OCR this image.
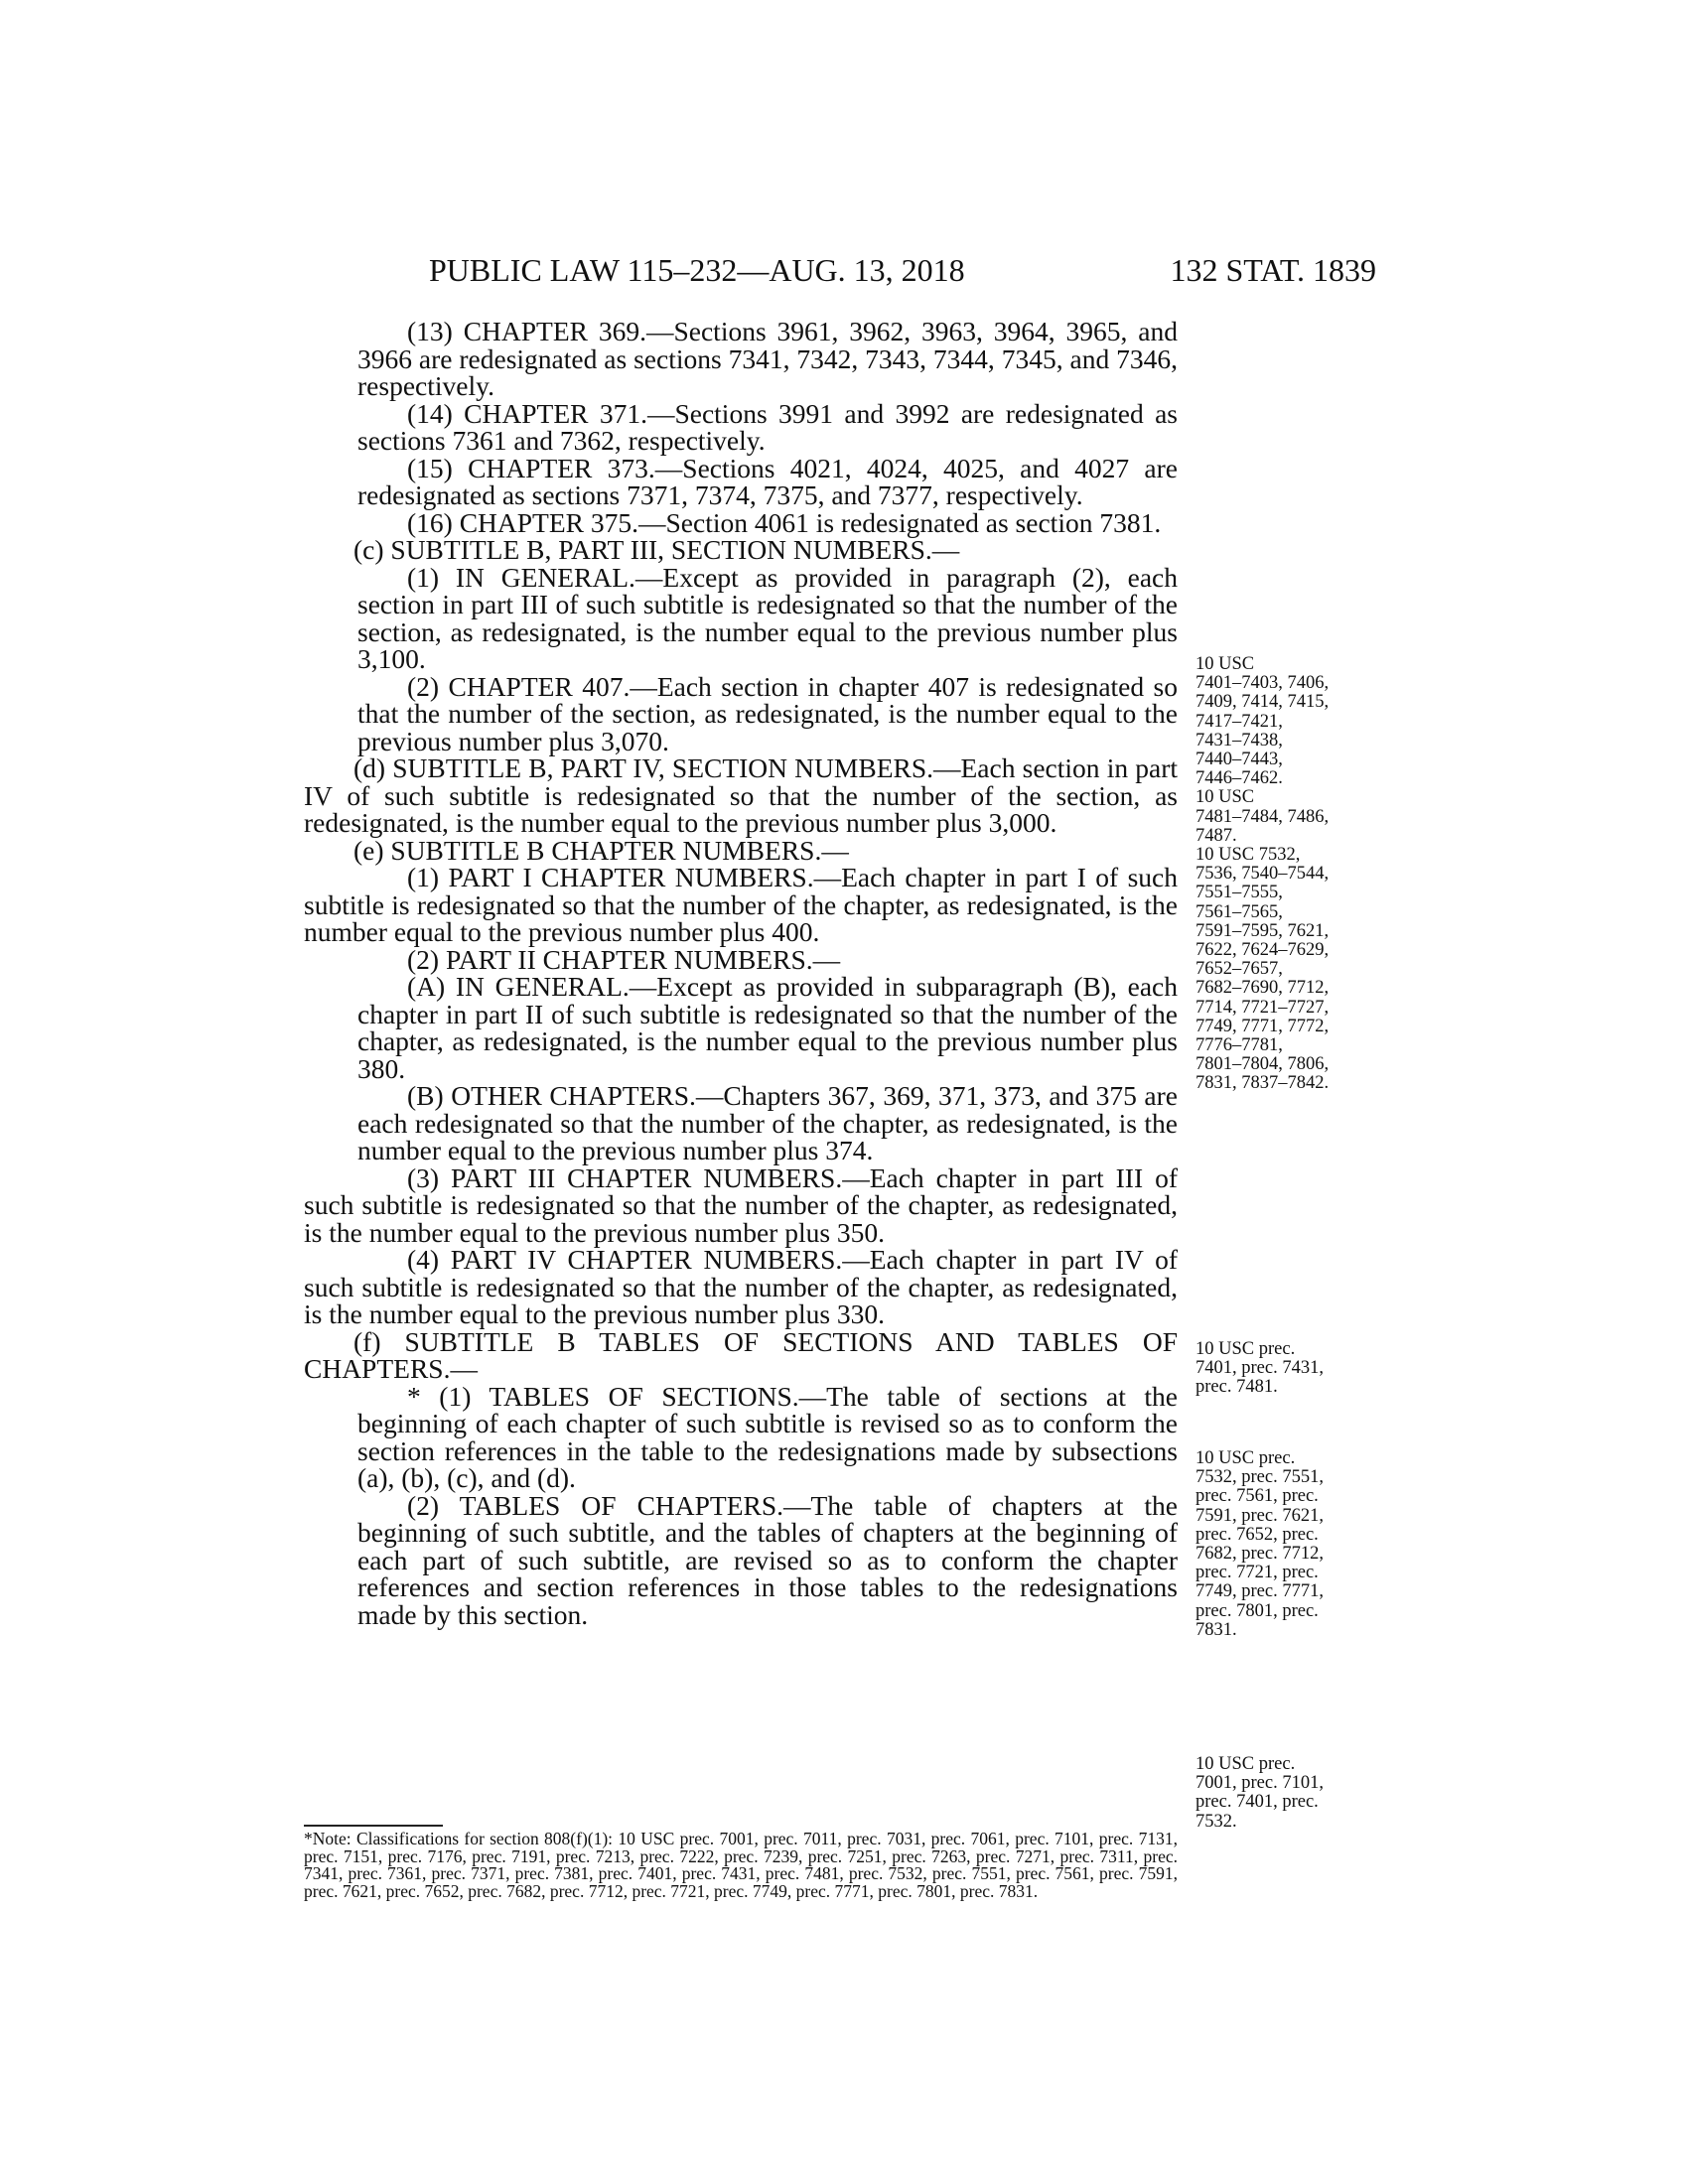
PUBLIC LAW 115–232—AUG. 13, 2018	132 STAT. 1839

(13) CHAPTER 369.—Sections 3961, 3962, 3963, 3964, 3965, and 3966 are redesignated as sections 7341, 7342, 7343, 7344, 7345, and 7346, respectively.

(14) CHAPTER 371.—Sections 3991 and 3992 are redesignated as sections 7361 and 7362, respectively.

(15) CHAPTER 373.—Sections 4021, 4024, 4025, and 4027 are redesignated as sections 7371, 7374, 7375, and 7377, respectively.

(16) CHAPTER 375.—Section 4061 is redesignated as section 7381.

(c) SUBTITLE B, PART III, SECTION NUMBERS.—

(1) IN GENERAL.—Except as provided in paragraph (2), each section in part III of such subtitle is redesignated so that the number of the section, as redesignated, is the number equal to the previous number plus 3,100.

(2) CHAPTER 407.—Each section in chapter 407 is redesignated so that the number of the section, as redesignated, is the number equal to the previous number plus 3,070.

(d) SUBTITLE B, PART IV, SECTION NUMBERS.—Each section in part IV of such subtitle is redesignated so that the number of the section, as redesignated, is the number equal to the previous number plus 3,000.

(e) SUBTITLE B CHAPTER NUMBERS.—

(1) PART I CHAPTER NUMBERS.—Each chapter in part I of such subtitle is redesignated so that the number of the chapter, as redesignated, is the number equal to the previous number plus 400.

(2) PART II CHAPTER NUMBERS.—

(A) IN GENERAL.—Except as provided in subparagraph (B), each chapter in part II of such subtitle is redesignated so that the number of the chapter, as redesignated, is the number equal to the previous number plus 380.

(B) OTHER CHAPTERS.—Chapters 367, 369, 371, 373, and 375 are each redesignated so that the number of the chapter, as redesignated, is the number equal to the previous number plus 374.

(3) PART III CHAPTER NUMBERS.—Each chapter in part III of such subtitle is redesignated so that the number of the chapter, as redesignated, is the number equal to the previous number plus 350.

(4) PART IV CHAPTER NUMBERS.—Each chapter in part IV of such subtitle is redesignated so that the number of the chapter, as redesignated, is the number equal to the previous number plus 330.

(f) SUBTITLE B TABLES OF SECTIONS AND TABLES OF CHAPTERS.—

* (1) TABLES OF SECTIONS.—The table of sections at the beginning of each chapter of such subtitle is revised so as to conform the section references in the table to the redesignations made by subsections (a), (b), (c), and (d).

(2) TABLES OF CHAPTERS.—The table of chapters at the beginning of such subtitle, and the tables of chapters at the beginning of each part of such subtitle, are revised so as to conform the chapter references and section references in those tables to the redesignations made by this section.

10 USC
7401–7403, 7406,
7409, 7414, 7415,
7417–7421,
7431–7438,
7440–7443,
7446–7462.
10 USC
7481–7484, 7486,
7487.
10 USC 7532,
7536, 7540–7544,
7551–7555,
7561–7565,
7591–7595, 7621,
7622, 7624–7629,
7652–7657,
7682–7690, 7712,
7714, 7721–7727,
7749, 7771, 7772,
7776–7781,
7801–7804, 7806,
7831, 7837–7842.
10 USC prec.
7401, prec. 7431,
prec. 7481.
10 USC prec.
7532, prec. 7551,
prec. 7561, prec.
7591, prec. 7621,
prec. 7652, prec.
7682, prec. 7712,
prec. 7721, prec.
7749, prec. 7771,
prec. 7801, prec.
7831.
10 USC prec.
7001, prec. 7101,
prec. 7401, prec.
7532.
*Note: Classifications for section 808(f)(1): 10 USC prec. 7001, prec. 7011, prec. 7031, prec. 7061, prec. 7101, prec. 7131, prec. 7151, prec. 7176, prec. 7191, prec. 7213, prec. 7222, prec. 7239, prec. 7251, prec. 7263, prec. 7271, prec. 7311, prec. 7341, prec. 7361, prec. 7371, prec. 7381, prec. 7401, prec. 7431, prec. 7481, prec. 7532, prec. 7551, prec. 7561, prec. 7591, prec. 7621, prec. 7652, prec. 7682, prec. 7712, prec. 7721, prec. 7749, prec. 7771, prec. 7801, prec. 7831.
